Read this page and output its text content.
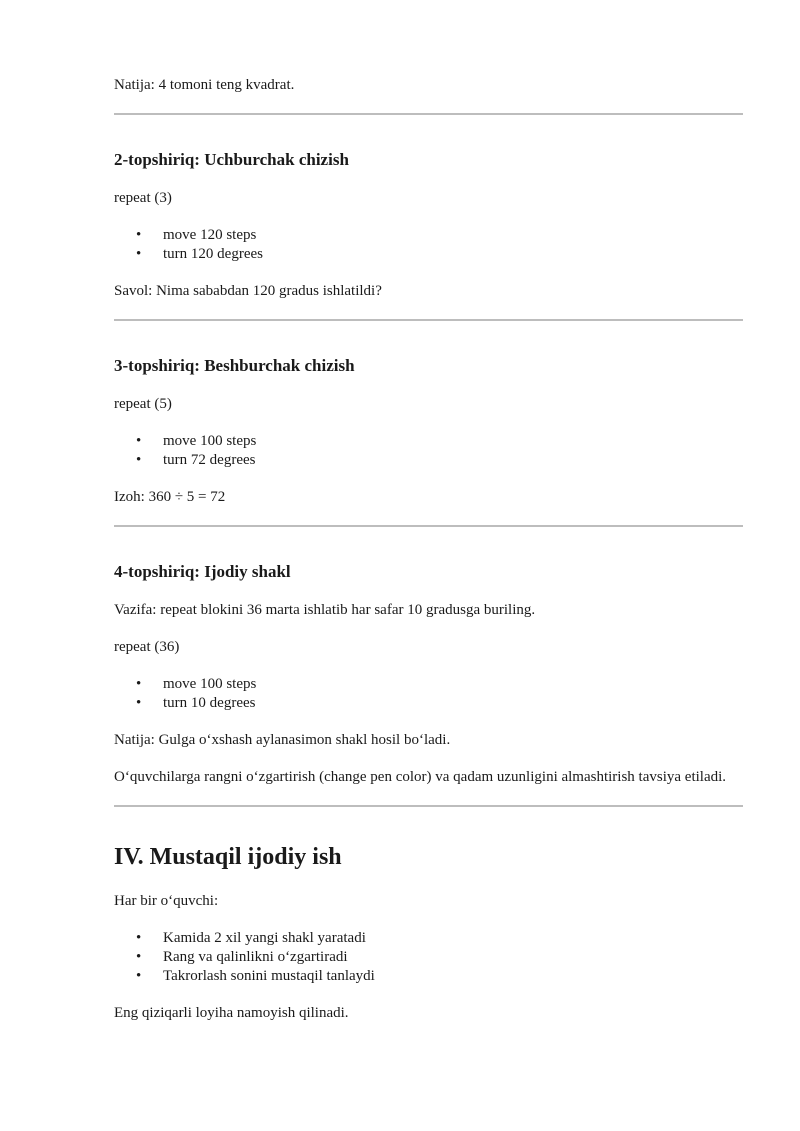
Natija: 4 tomoni teng kvadrat.

2-topshiriq: Uchburchak chizish

repeat (3)

• move 120 steps
• turn 120 degrees

Savol: Nima sababdan 120 gradus ishlatildi?

3-topshiriq: Beshburchak chizish

repeat (5)

• move 100 steps
• turn 72 degrees

Izoh: 360 ÷ 5 = 72

4-topshiriq: Ijodiy shakl

Vazifa: repeat blokini 36 marta ishlatib har safar 10 gradusga buriling.

repeat (36)

• move 100 steps
• turn 10 degrees

Natija: Gulga o‘xshash aylanasimon shakl hosil bo‘ladi.

O‘quvchilarga rangni o‘zgartirish (change pen color) va qadam uzunligini almashtirish tavsiya etiladi.

IV. Mustaqil ijodiy ish

Har bir o‘quvchi:

• Kamida 2 xil yangi shakl yaratadi
• Rang va qalinlikni o‘zgartiradi
• Takrorlash sonini mustaqil tanlaydi

Eng qiziqarli loyiha namoyish qilinadi.
